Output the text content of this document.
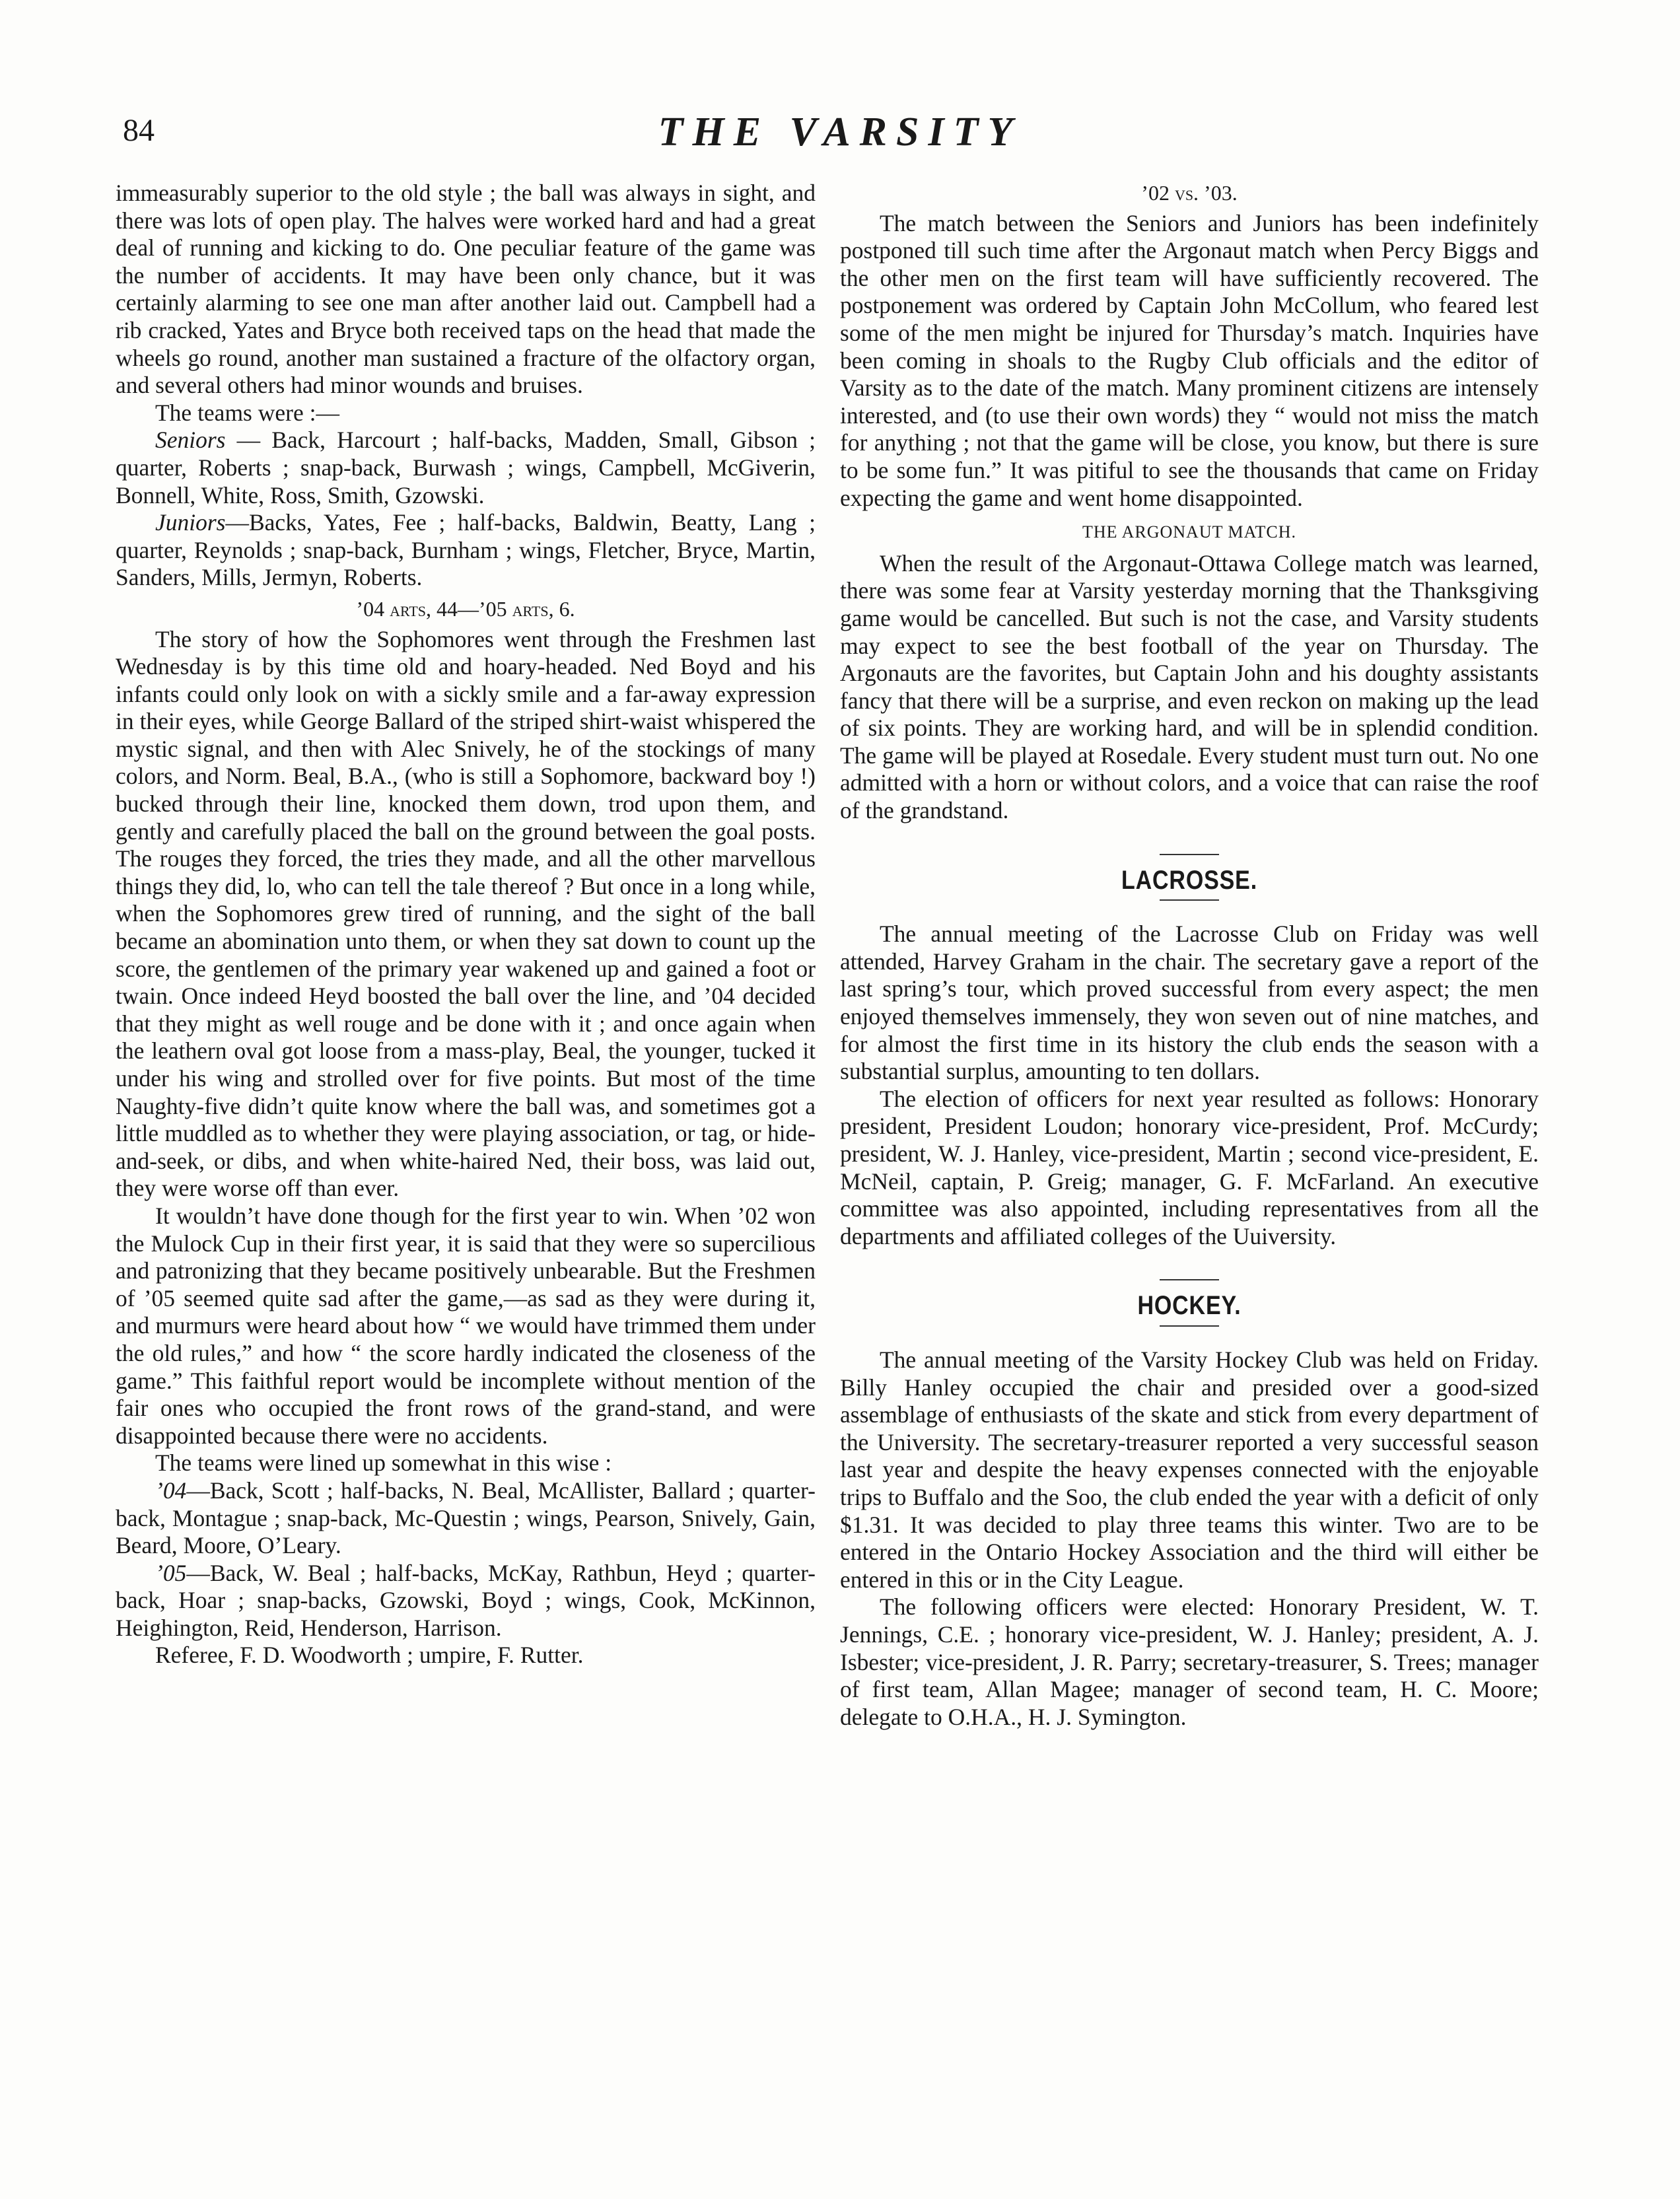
84	THE VARSITY

immeasurably superior to the old style ; the ball was always in sight, and there was lots of open play. The halves were worked hard and had a great deal of running and kicking to do. One peculiar feature of the game was the number of accidents. It may have been only chance, but it was certainly alarming to see one man after another laid out. Campbell had a rib cracked, Yates and Bryce both received taps on the head that made the wheels go round, another man sustained a fracture of the olfactory organ, and several others had minor wounds and bruises.

The teams were :—

Seniors — Back, Harcourt ; half-backs, Madden, Small, Gibson ; quarter, Roberts ; snap-back, Burwash ; wings, Campbell, McGiverin, Bonnell, White, Ross, Smith, Gzowski.

Juniors—Backs, Yates, Fee ; half-backs, Baldwin, Beatty, Lang ; quarter, Reynolds ; snap-back, Burnham ; wings, Fletcher, Bryce, Martin, Sanders, Mills, Jermyn, Roberts.

’04 arts, 44—’05 arts, 6.

The story of how the Sophomores went through the Freshmen last Wednesday is by this time old and hoary-headed. Ned Boyd and his infants could only look on with a sickly smile and a far-away expression in their eyes, while George Ballard of the striped shirt-waist whispered the mystic signal, and then with Alec Snively, he of the stockings of many colors, and Norm. Beal, B.A., (who is still a Sophomore, backward boy !) bucked through their line, knocked them down, trod upon them, and gently and carefully placed the ball on the ground between the goal posts. The rouges they forced, the tries they made, and all the other marvellous things they did, lo, who can tell the tale thereof ? But once in a long while, when the Sophomores grew tired of running, and the sight of the ball became an abomination unto them, or when they sat down to count up the score, the gentlemen of the primary year wakened up and gained a foot or twain. Once indeed Heyd boosted the ball over the line, and ’04 decided that they might as well rouge and be done with it ; and once again when the leathern oval got loose from a mass-play, Beal, the younger, tucked it under his wing and strolled over for five points. But most of the time Naughty-five didn’t quite know where the ball was, and sometimes got a little muddled as to whether they were playing association, or tag, or hide-and-seek, or dibs, and when white-haired Ned, their boss, was laid out, they were worse off than ever.

It wouldn’t have done though for the first year to win. When ’02 won the Mulock Cup in their first year, it is said that they were so supercilious and patronizing that they became positively unbearable. But the Freshmen of ’05 seemed quite sad after the game,—as sad as they were during it, and murmurs were heard about how “ we would have trimmed them under the old rules,” and how “ the score hardly indicated the closeness of the game.” This faithful report would be incomplete without mention of the fair ones who occupied the front rows of the grand-stand, and were disappointed because there were no accidents.

The teams were lined up somewhat in this wise :

’04—Back, Scott ; half-backs, N. Beal, McAllister, Ballard ; quarter-back, Montague ; snap-back, Mc-Questin ; wings, Pearson, Snively, Gain, Beard, Moore, O’Leary.

’05—Back, W. Beal ; half-backs, McKay, Rathbun, Heyd ; quarter-back, Hoar ; snap-backs, Gzowski, Boyd ; wings, Cook, McKinnon, Heighington, Reid, Henderson, Harrison.

Referee, F. D. Woodworth ; umpire, F. Rutter.

’02 vs. ’03.

The match between the Seniors and Juniors has been indefinitely postponed till such time after the Argonaut match when Percy Biggs and the other men on the first team will have sufficiently recovered. The postponement was ordered by Captain John McCollum, who feared lest some of the men might be injured for Thursday’s match. Inquiries have been coming in shoals to the Rugby Club officials and the editor of Varsity as to the date of the match. Many prominent citizens are intensely interested, and (to use their own words) they “ would not miss the match for anything ; not that the game will be close, you know, but there is sure to be some fun.” It was pitiful to see the thousands that came on Friday expecting the game and went home disappointed.

THE ARGONAUT MATCH.

When the result of the Argonaut-Ottawa College match was learned, there was some fear at Varsity yesterday morning that the Thanksgiving game would be cancelled. But such is not the case, and Varsity students may expect to see the best football of the year on Thursday. The Argonauts are the favorites, but Captain John and his doughty assistants fancy that there will be a surprise, and even reckon on making up the lead of six points. They are working hard, and will be in splendid condition. The game will be played at Rosedale. Every student must turn out. No one admitted with a horn or without colors, and a voice that can raise the roof of the grandstand.

LACROSSE.

The annual meeting of the Lacrosse Club on Friday was well attended, Harvey Graham in the chair. The secretary gave a report of the last spring’s tour, which proved successful from every aspect; the men enjoyed themselves immensely, they won seven out of nine matches, and for almost the first time in its history the club ends the season with a substantial surplus, amounting to ten dollars.

The election of officers for next year resulted as follows: Honorary president, President Loudon; honorary vice-president, Prof. McCurdy; president, W. J. Hanley, vice-president, Martin ; second vice-president, E. McNeil, captain, P. Greig; manager, G. F. McFarland. An executive committee was also appointed, including representatives from all the departments and affiliated colleges of the Uuiversity.

HOCKEY.

The annual meeting of the Varsity Hockey Club was held on Friday. Billy Hanley occupied the chair and presided over a good-sized assemblage of enthusiasts of the skate and stick from every department of the University. The secretary-treasurer reported a very successful season last year and despite the heavy expenses connected with the enjoyable trips to Buffalo and the Soo, the club ended the year with a deficit of only $1.31. It was decided to play three teams this winter. Two are to be entered in the Ontario Hockey Association and the third will either be entered in this or in the City League.

The following officers were elected: Honorary President, W. T. Jennings, C.E. ; honorary vice-president, W. J. Hanley; president, A. J. Isbester; vice-president, J. R. Parry; secretary-treasurer, S. Trees; manager of first team, Allan Magee; manager of second team, H. C. Moore; delegate to O.H.A., H. J. Symington.
